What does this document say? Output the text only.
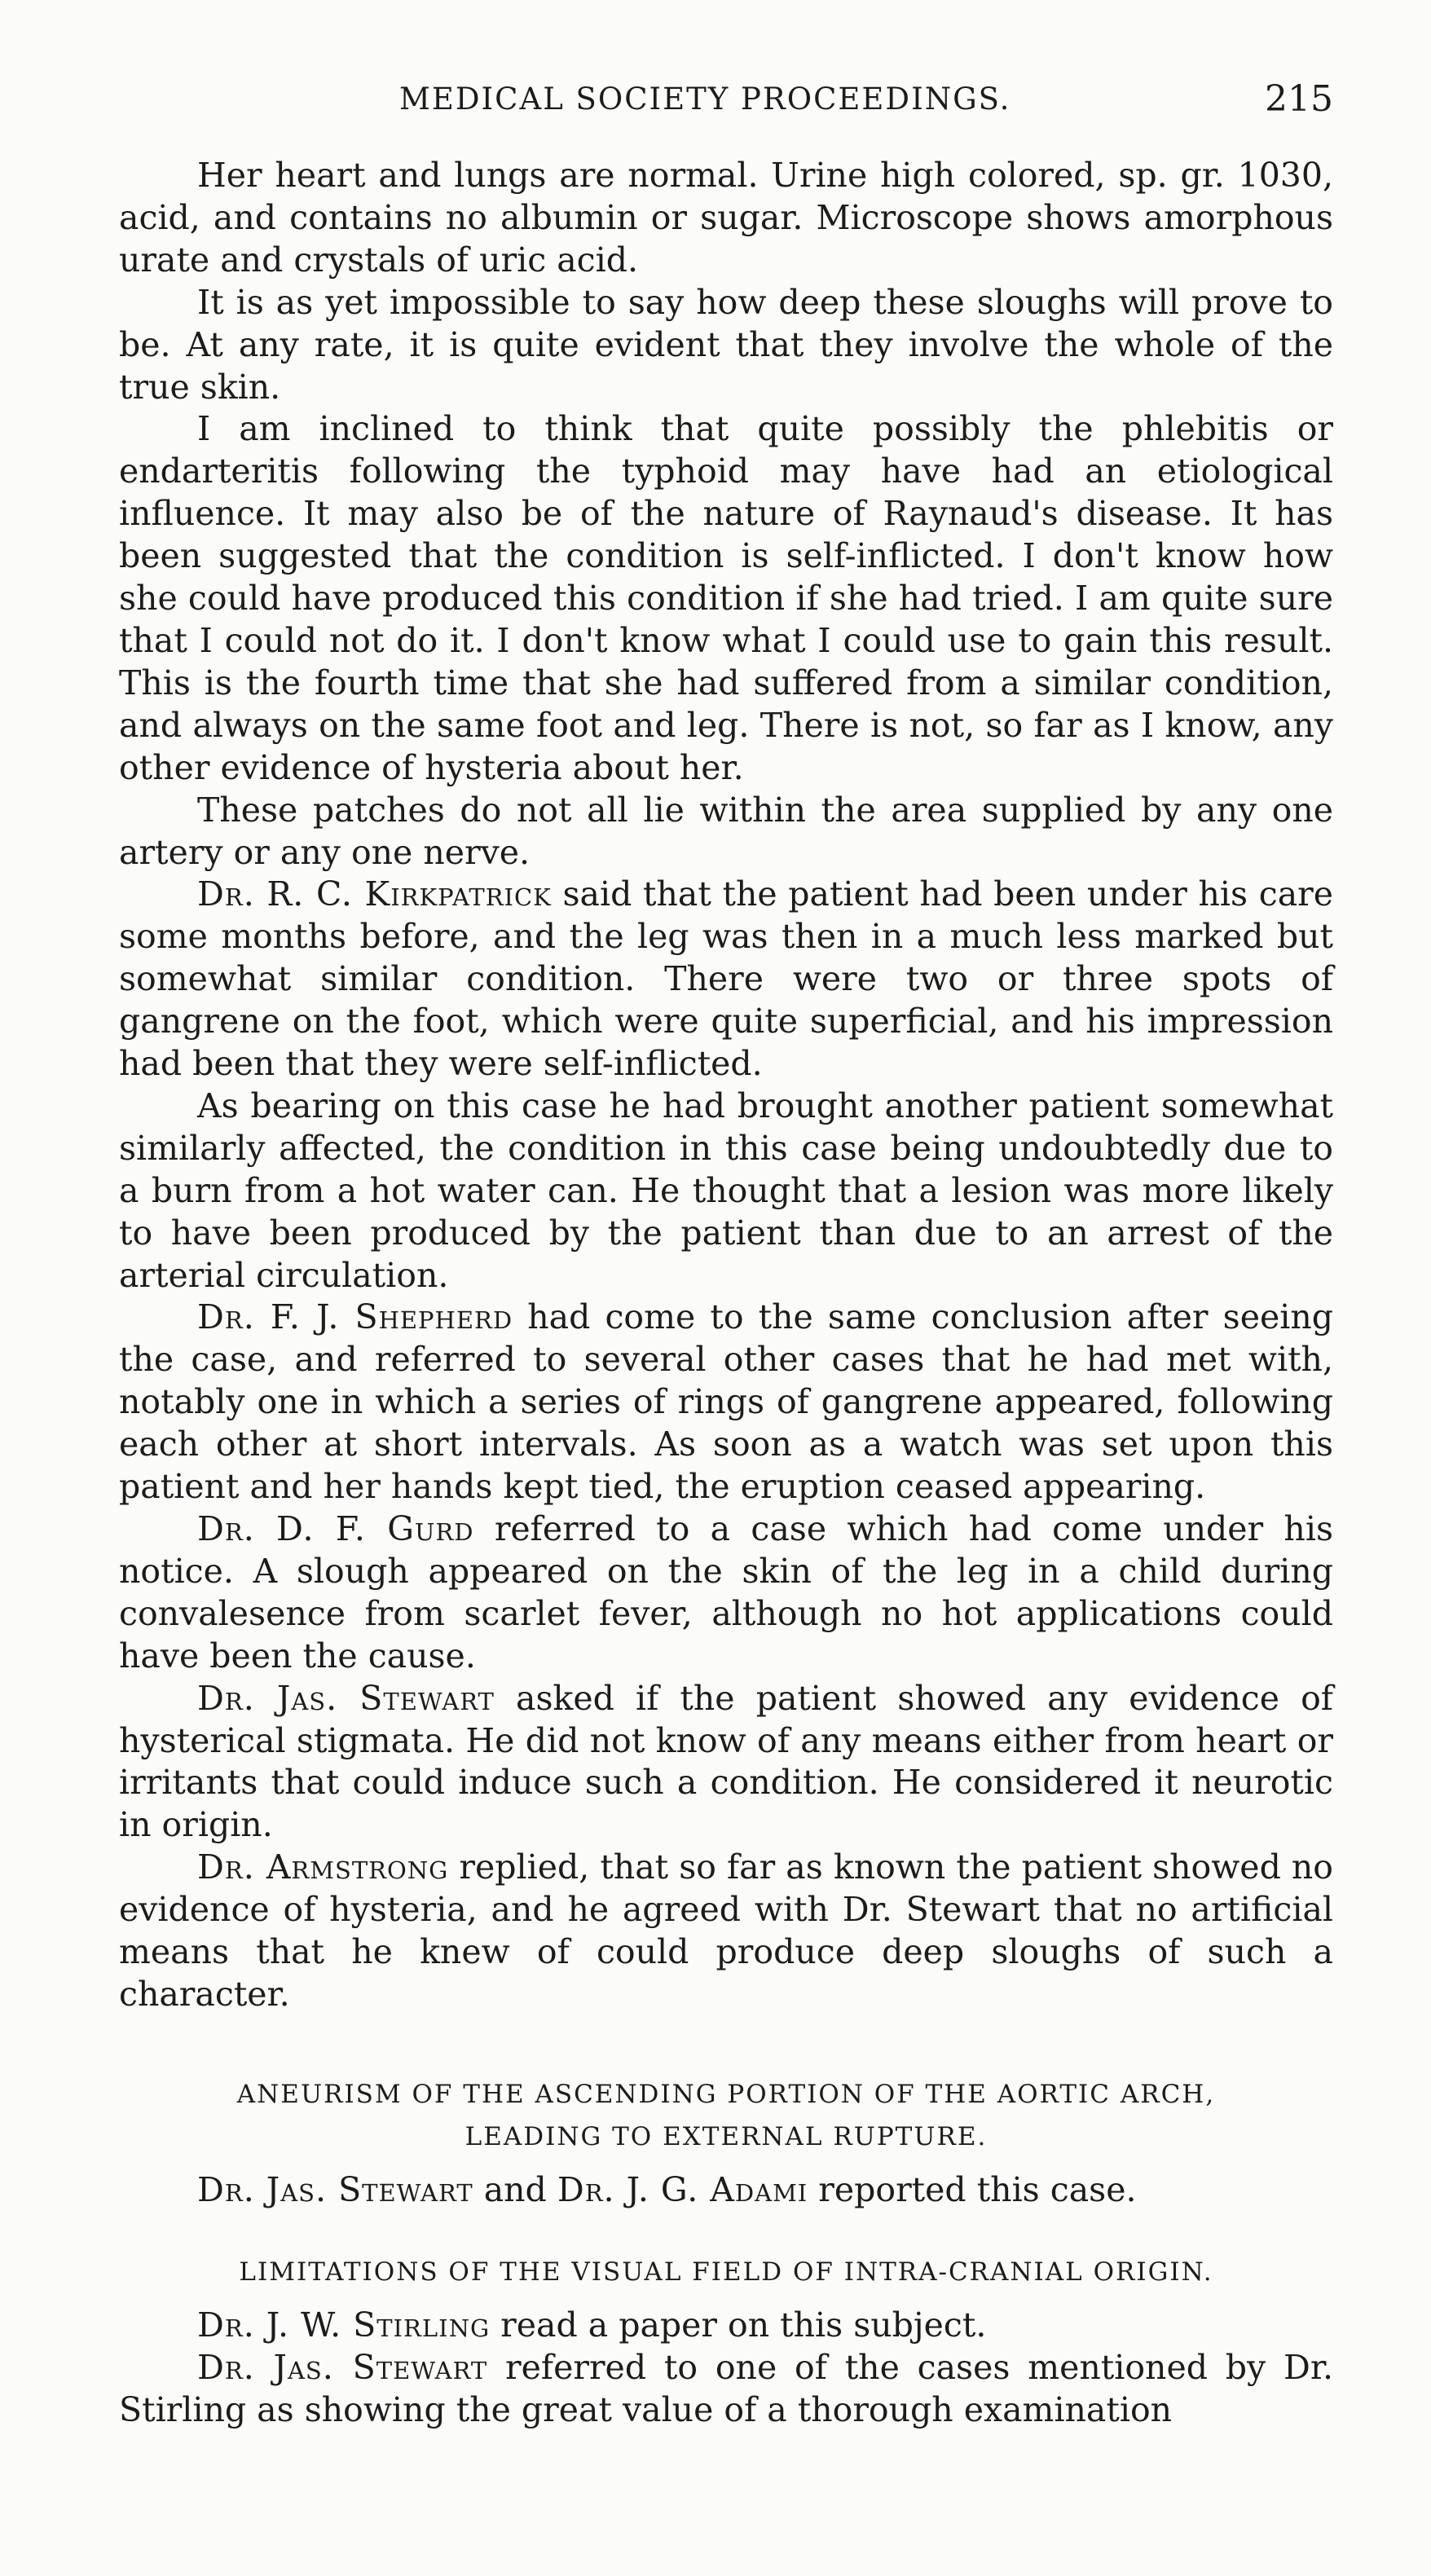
MEDICAL SOCIETY PROCEEDINGS.	215

Her heart and lungs are normal. Urine high colored, sp. gr. 1030, acid, and contains no albumin or sugar. Microscope shows amorphous urate and crystals of uric acid.

It is as yet impossible to say how deep these sloughs will prove to be. At any rate, it is quite evident that they involve the whole of the true skin.

I am inclined to think that quite possibly the phlebitis or endarteritis following the typhoid may have had an etiological influence. It may also be of the nature of Raynaud's disease. It has been suggested that the condition is self-inflicted. I don't know how she could have produced this condition if she had tried. I am quite sure that I could not do it. I don't know what I could use to gain this result. This is the fourth time that she had suffered from a similar condition, and always on the same foot and leg. There is not, so far as I know, any other evidence of hysteria about her.

These patches do not all lie within the area supplied by any one artery or any one nerve.

Dr. R. C. Kirkpatrick said that the patient had been under his care some months before, and the leg was then in a much less marked but somewhat similar condition. There were two or three spots of gangrene on the foot, which were quite superficial, and his impression had been that they were self-inflicted.

As bearing on this case he had brought another patient somewhat similarly affected, the condition in this case being undoubtedly due to a burn from a hot water can. He thought that a lesion was more likely to have been produced by the patient than due to an arrest of the arterial circulation.

Dr. F. J. Shepherd had come to the same conclusion after seeing the case, and referred to several other cases that he had met with, notably one in which a series of rings of gangrene appeared, following each other at short intervals. As soon as a watch was set upon this patient and her hands kept tied, the eruption ceased appearing.

Dr. D. F. Gurd referred to a case which had come under his notice. A slough appeared on the skin of the leg in a child during convalesence from scarlet fever, although no hot applications could have been the cause.

Dr. Jas. Stewart asked if the patient showed any evidence of hysterical stigmata. He did not know of any means either from heart or irritants that could induce such a condition. He considered it neurotic in origin.

Dr. Armstrong replied, that so far as known the patient showed no evidence of hysteria, and he agreed with Dr. Stewart that no artificial means that he knew of could produce deep sloughs of such a character.

ANEURISM OF THE ASCENDING PORTION OF THE AORTIC ARCH,
LEADING TO EXTERNAL RUPTURE.

Dr. Jas. Stewart and Dr. J. G. Adami reported this case.

LIMITATIONS OF THE VISUAL FIELD OF INTRA-CRANIAL ORIGIN.

Dr. J. W. Stirling read a paper on this subject.

Dr. Jas. Stewart referred to one of the cases mentioned by Dr. Stirling as showing the great value of a thorough examination
